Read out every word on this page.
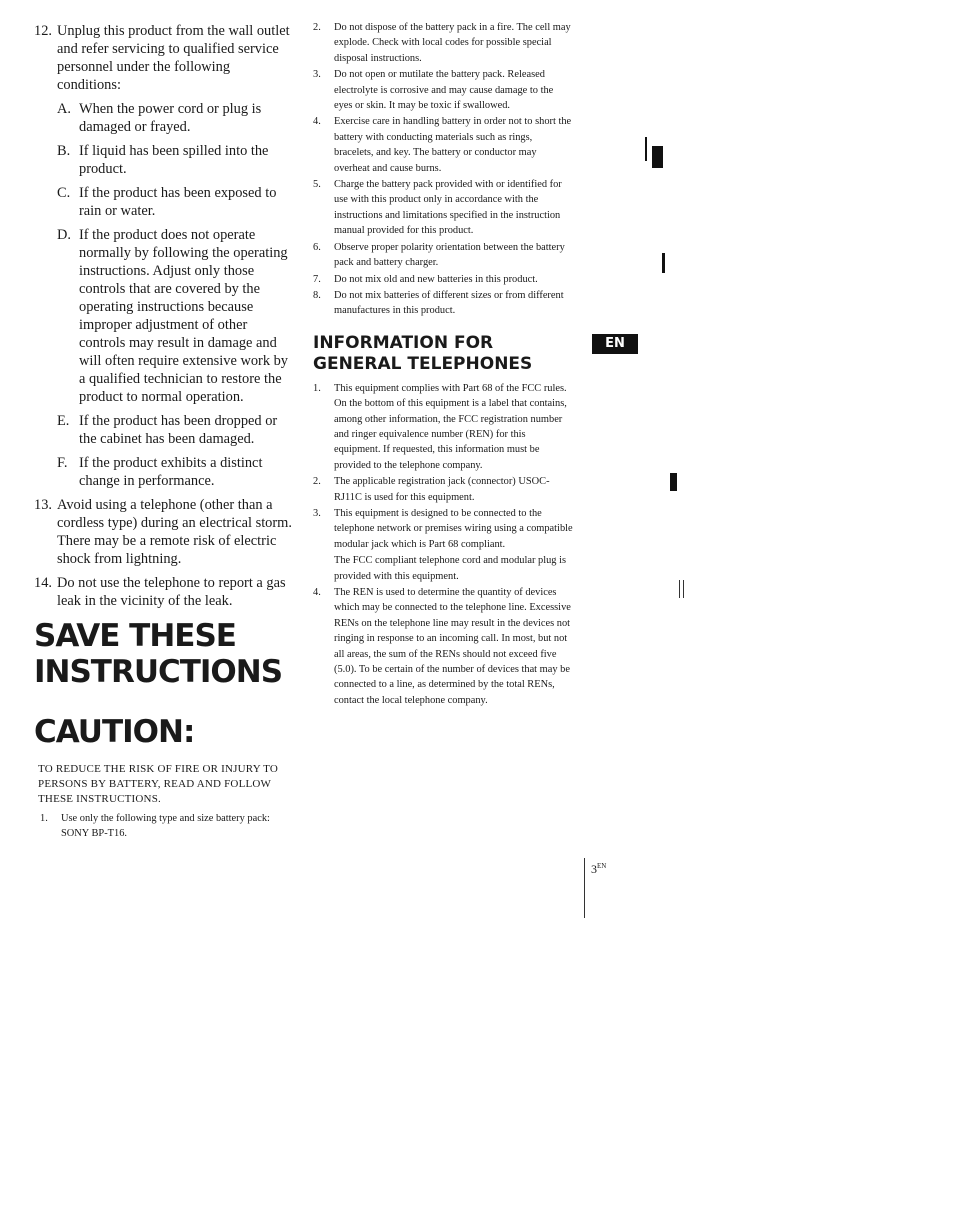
12. Unplug this product from the wall outlet and refer servicing to qualified service personnel under the following conditions:
A. When the power cord or plug is damaged or frayed.
B. If liquid has been spilled into the product.
C. If the product has been exposed to rain or water.
D. If the product does not operate normally by following the operating instructions. Adjust only those controls that are covered by the operating instructions because improper adjustment of other controls may result in damage and will often require extensive work by a qualified technician to restore the product to normal operation.
E. If the product has been dropped or the cabinet has been damaged.
F. If the product exhibits a distinct change in performance.
13. Avoid using a telephone (other than a cordless type) during an electrical storm. There may be a remote risk of electric shock from lightning.
14. Do not use the telephone to report a gas leak in the vicinity of the leak.

SAVE THESE

INSTRUCTIONS

CAUTION:

TO REDUCE THE RISK OF FIRE OR INJURY TO PERSONS BY BATTERY, READ AND FOLLOW THESE INSTRUCTIONS.

1. Use only the following type and size battery pack: SONY BP-T16.
2. Do not dispose of the battery pack in a fire. The cell may explode. Check with local codes for possible special disposal instructions.
3. Do not open or mutilate the battery pack. Released electrolyte is corrosive and may cause damage to the eyes or skin. It may be toxic if swallowed.
4. Exercise care in handling battery in order not to short the battery with conducting materials such as rings, bracelets, and key. The battery or conductor may overheat and cause burns.
5. Charge the battery pack provided with or identified for use with this product only in accordance with the instructions and limitations specified in the instruction manual provided for this product.
6. Observe proper polarity orientation between the battery pack and battery charger.
7. Do not mix old and new batteries in this product.
8. Do not mix batteries of different sizes or from different manufactures in this product.
INFORMATION FOR
GENERAL TELEPHONES
1. This equipment complies with Part 68 of the FCC rules. On the bottom of this equipment is a label that contains, among other information, the FCC registration number and ringer equivalence number (REN) for this equipment. If requested, this information must be provided to the telephone company.
2. The applicable registration jack (connector) USOC-RJ11C is used for this equipment.
3. This equipment is designed to be connected to the telephone network or premises wiring using a compatible modular jack which is Part 68 compliant.
The FCC compliant telephone cord and modular plug is provided with this equipment.
4. The REN is used to determine the quantity of devices which may be connected to the telephone line. Excessive RENs on the telephone line may result in the devices not ringing in response to an incoming call. In most, but not all areas, the sum of the RENs should not exceed five (5.0). To be certain of the number of devices that may be connected to a line, as determined by the total RENs, contact the local telephone company.
EN
$3^{EN}$
